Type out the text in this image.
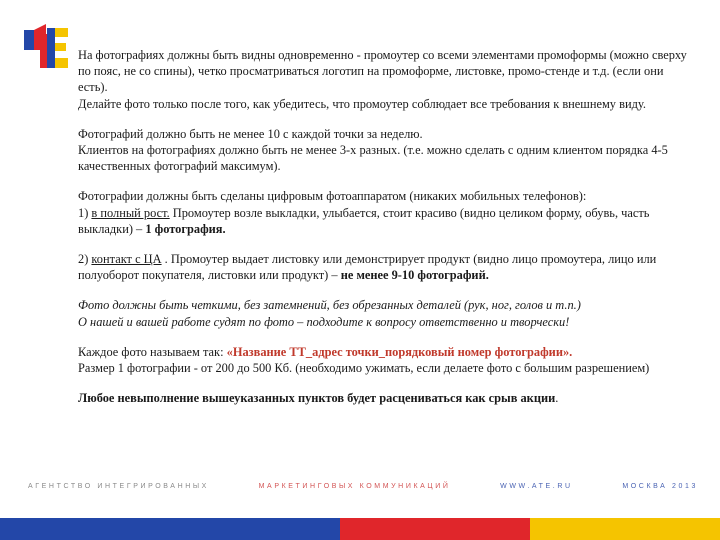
На фотографиях должны быть видны одновременно - промоутер со всеми элементами промоформы (можно сверху по пояс, не со спины), четко просматриваться логотип на промоформе, листовке, промо-стенде и т.д. (если они есть).
Делайте фото только после того, как убедитесь, что промоутер соблюдает все требования к внешнему виду.

Фотографий должно быть не менее 10 с каждой точки за неделю.
Клиентов на фотографиях должно быть не менее 3-х разных. (т.е. можно сделать с одним клиентом порядка 4-5 качественных фотографий максимум).

Фотографии должны быть сделаны цифровым фотоаппаратом (никаких мобильных телефонов):
1) в полный рост. Промоутер возле выкладки, улыбается, стоит красиво (видно целиком форму, обувь, часть выкладки) – 1 фотография.

2) контакт с ЦА . Промоутер выдает листовку или демонстрирует продукт (видно лицо промоутера, лицо или полуоборот покупателя, листовки или продукт) – не менее 9-10 фотографий.

Фото должны быть четкими, без затемнений, без обрезанных деталей (рук, ног, голов и т.п.)
О нашей и вашей работе судят по фото – подходите к вопросу ответственно и творчески!

Каждое фото называем так: «Название ТТ_адрес точки_порядковый номер фотографии».
Размер 1 фотографии - от 200 до 500 Кб. (необходимо ужимать, если делаете фото с большим разрешением)

Любое невыполнение вышеуказанных пунктов будет расцениваться как срыв акции.

АГЕНТСТВО ИНТЕГРИРОВАННЫХ	МАРКЕТИНГОВЫХ КОММУНИКАЦИЙ	WWW.ATE.RU	МОСКВА 2013
